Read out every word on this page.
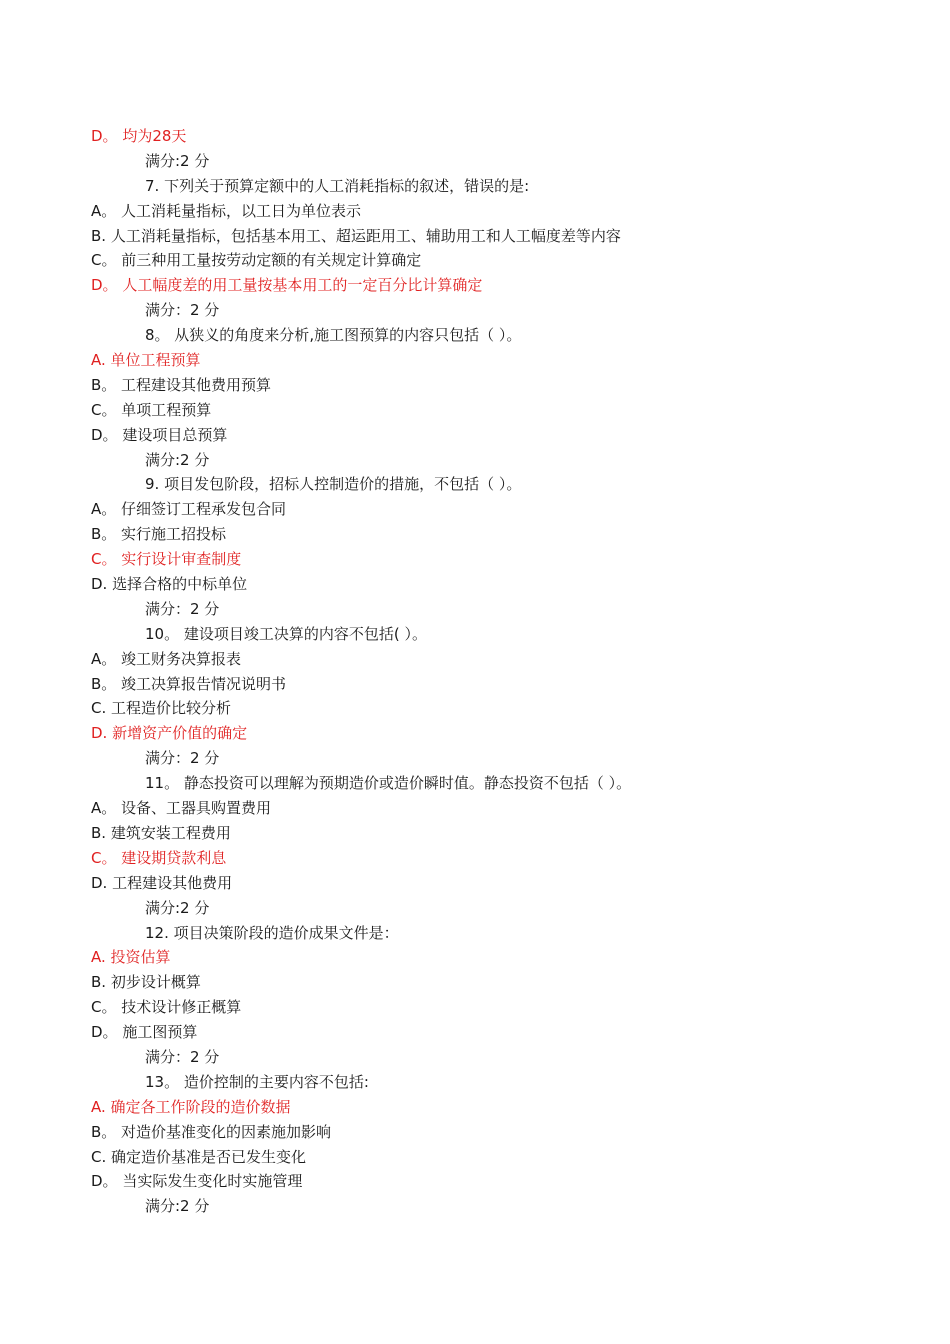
D。 均为28天
满分:2 分
7. 下列关于预算定额中的人工消耗指标的叙述，错误的是:
A。 人工消耗量指标，以工日为单位表示
B. 人工消耗量指标，包括基本用工、超运距用工、辅助用工和人工幅度差等内容
C。 前三种用工量按劳动定额的有关规定计算确定
D。 人工幅度差的用工量按基本用工的一定百分比计算确定
满分：2 分
8。 从狭义的角度来分析,施工图预算的内容只包括（ ）。
A. 单位工程预算
B。 工程建设其他费用预算
C。 单项工程预算
D。 建设项目总预算
满分:2 分
9. 项目发包阶段，招标人控制造价的措施，不包括（ ）。
A。 仔细签订工程承发包合同
B。 实行施工招投标
C。 实行设计审查制度
D. 选择合格的中标单位
满分：2 分
10。 建设项目竣工决算的内容不包括( ）。
A。 竣工财务决算报表
B。 竣工决算报告情况说明书
C. 工程造价比较分析
D. 新增资产价值的确定
满分：2 分
11。 静态投资可以理解为预期造价或造价瞬时值。静态投资不包括（ ）。
A。 设备、工器具购置费用
B. 建筑安装工程费用
C。 建设期贷款利息
D. 工程建设其他费用
满分:2 分
12. 项目决策阶段的造价成果文件是：
A. 投资估算
B. 初步设计概算
C。 技术设计修正概算
D。 施工图预算
满分：2 分
13。 造价控制的主要内容不包括:
A. 确定各工作阶段的造价数据
B。 对造价基准变化的因素施加影响
C. 确定造价基准是否已发生变化
D。 当实际发生变化时实施管理
满分:2 分
